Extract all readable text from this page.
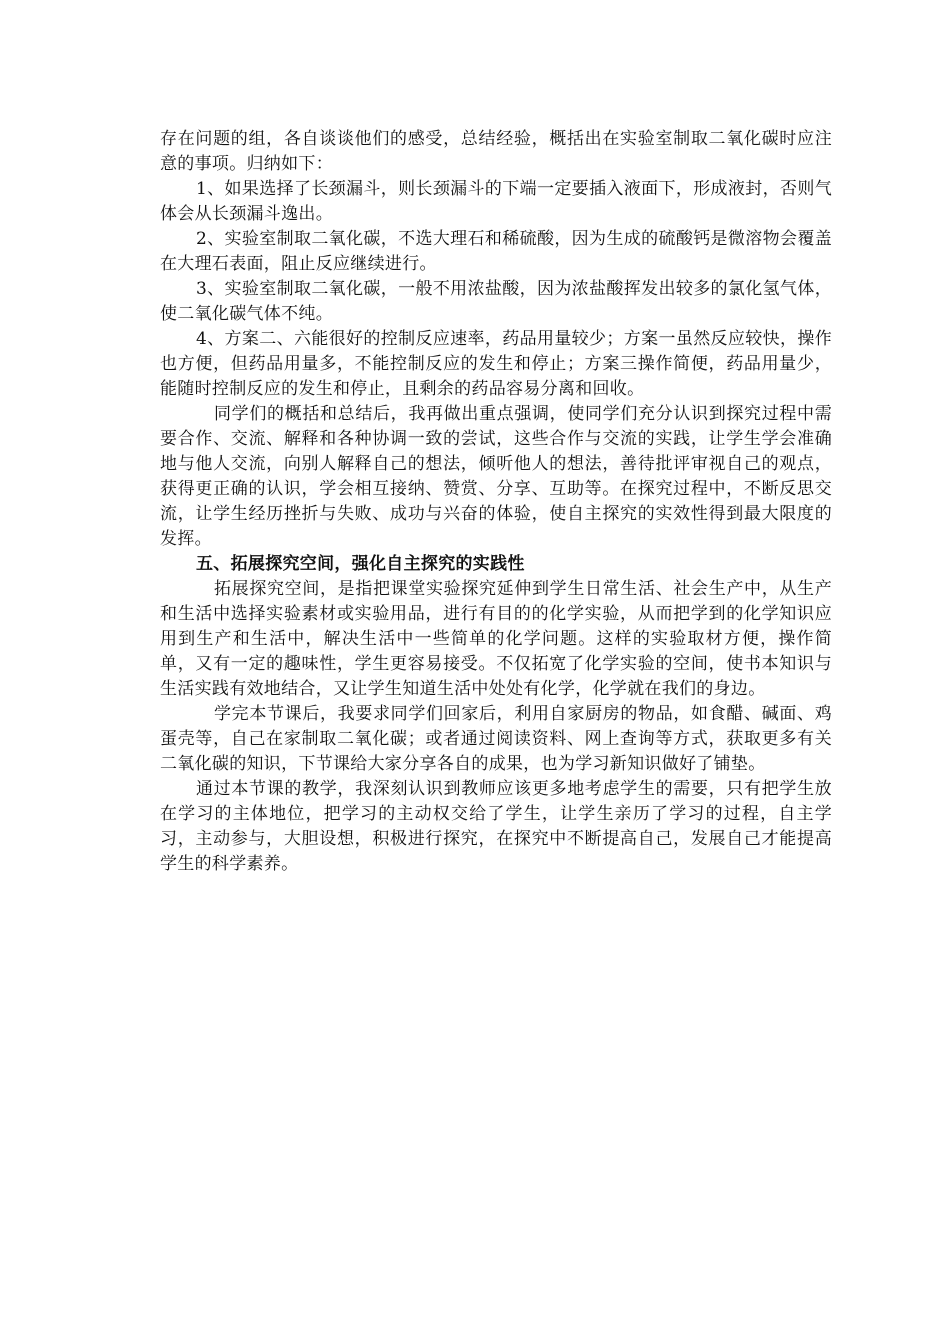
存在问题的组，各自谈谈他们的感受，总结经验，概括出在实验室制取二氧化碳时应注意的事项。归纳如下：

1、如果选择了长颈漏斗，则长颈漏斗的下端一定要插入液面下，形成液封，否则气体会从长颈漏斗逸出。

2、实验室制取二氧化碳，不选大理石和稀硫酸，因为生成的硫酸钙是微溶物会覆盖在大理石表面，阻止反应继续进行。

3、实验室制取二氧化碳，一般不用浓盐酸，因为浓盐酸挥发出较多的氯化氢气体，使二氧化碳气体不纯。

4、方案二、六能很好的控制反应速率，药品用量较少；方案一虽然反应较快，操作也方便，但药品用量多，不能控制反应的发生和停止；方案三操作简便，药品用量少，能随时控制反应的发生和停止，且剩余的药品容易分离和回收。

同学们的概括和总结后，我再做出重点强调，使同学们充分认识到探究过程中需要合作、交流、解释和各种协调一致的尝试，这些合作与交流的实践，让学生学会准确地与他人交流，向别人解释自己的想法，倾听他人的想法，善待批评审视自己的观点，获得更正确的认识，学会相互接纳、赞赏、分享、互助等。在探究过程中，不断反思交流，让学生经历挫折与失败、成功与兴奋的体验，使自主探究的实效性得到最大限度的发挥。

五、拓展探究空间，强化自主探究的实践性

拓展探究空间，是指把课堂实验探究延伸到学生日常生活、社会生产中，从生产和生活中选择实验素材或实验用品，进行有目的的化学实验，从而把学到的化学知识应用到生产和生活中，解决生活中一些简单的化学问题。这样的实验取材方便，操作简单，又有一定的趣味性，学生更容易接受。不仅拓宽了化学实验的空间，使书本知识与生活实践有效地结合，又让学生知道生活中处处有化学，化学就在我们的身边。

学完本节课后，我要求同学们回家后，利用自家厨房的物品，如食醋、碱面、鸡蛋壳等，自己在家制取二氧化碳；或者通过阅读资料、网上查询等方式，获取更多有关二氧化碳的知识，下节课给大家分享各自的成果，也为学习新知识做好了铺垫。

通过本节课的教学，我深刻认识到教师应该更多地考虑学生的需要，只有把学生放在学习的主体地位，把学习的主动权交给了学生，让学生亲历了学习的过程，自主学习，主动参与，大胆设想，积极进行探究，在探究中不断提高自己，发展自己才能提高学生的科学素养。
